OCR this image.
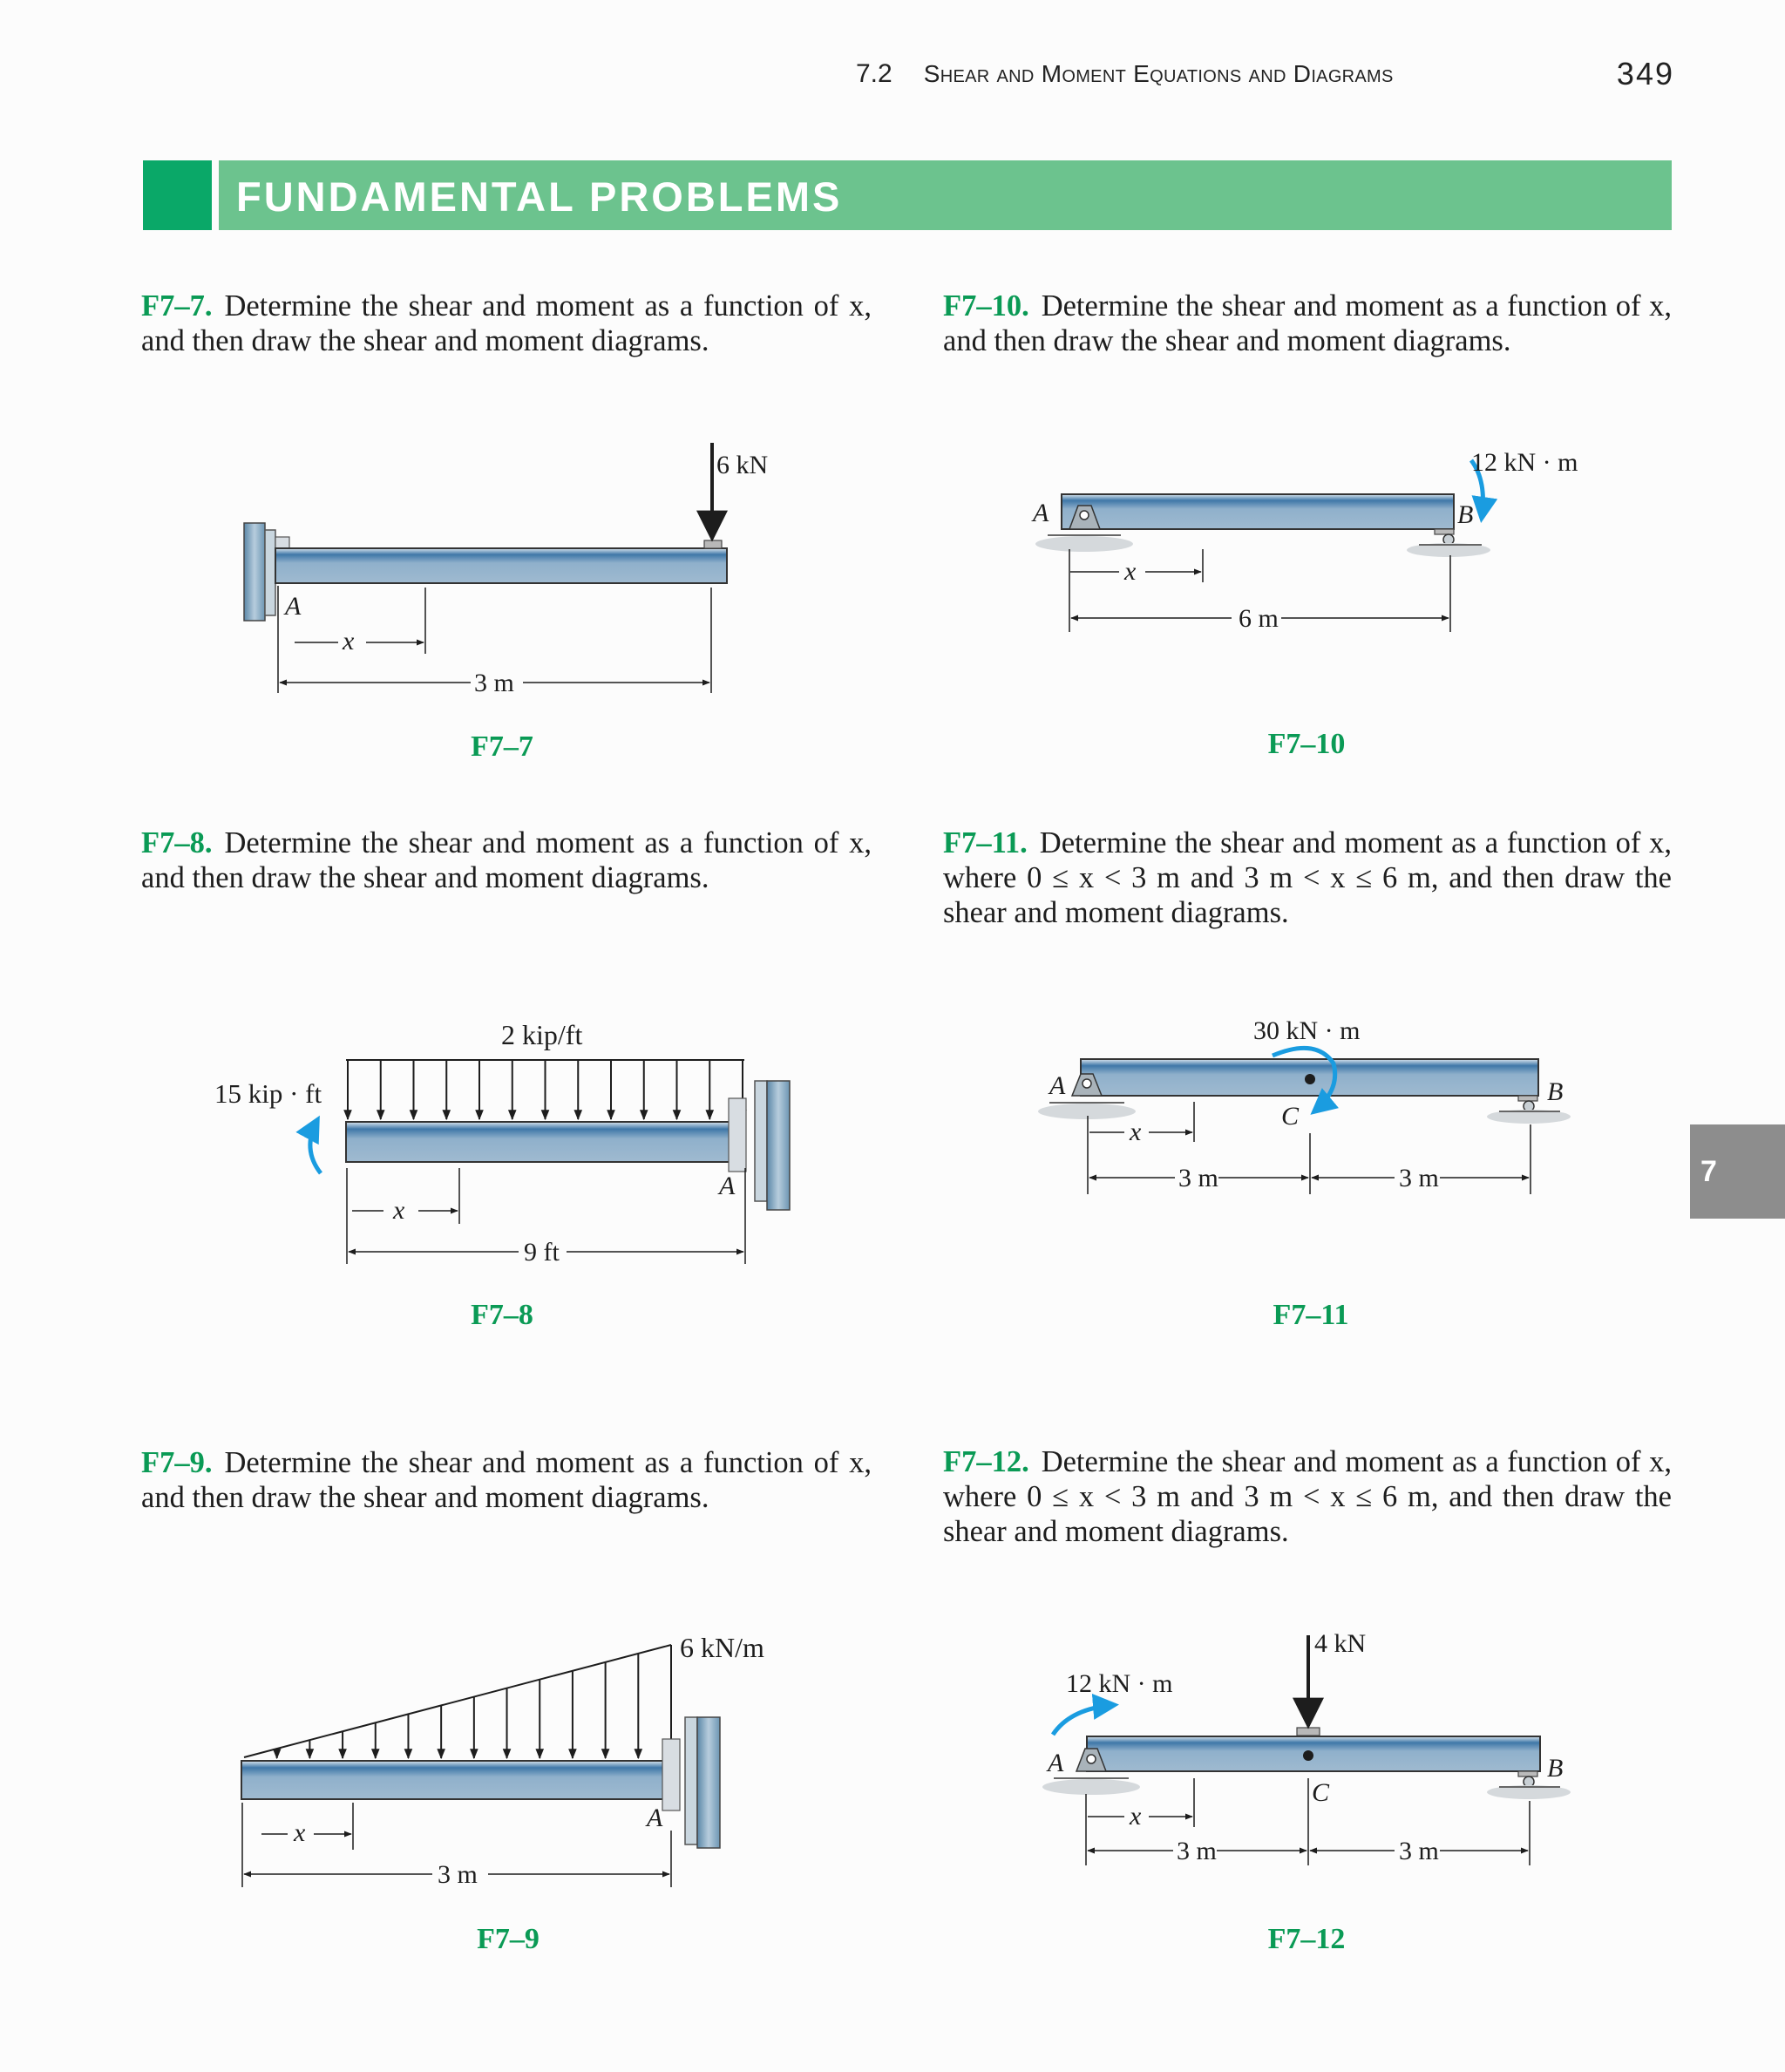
7.2 Shear and Moment Equations and Diagrams	349
FUNDAMENTAL PROBLEMS
7
F7–7. Determine the shear and moment as a function of x, and then draw the shear and moment diagrams.
F7–8. Determine the shear and moment as a function of x, and then draw the shear and moment diagrams.
F7–9. Determine the shear and moment as a function of x, and then draw the shear and moment diagrams.
F7–10. Determine the shear and moment as a function of x, and then draw the shear and moment diagrams.
F7–11. Determine the shear and moment as a function of x, where 0 ≤ x < 3 m and 3 m < x ≤ 6 m, and then draw the shear and moment diagrams.
F7–12. Determine the shear and moment as a function of x, where 0 ≤ x < 3 m and 3 m < x ≤ 6 m, and then draw the shear and moment diagrams.
6 kN
A
x
3 m
2 kip/ft
A
15 kip · ft
x
9 ft
6 kN/m
A
x
3 m
A	B
12 kN · m
x
6 m
A	B
30 kN · m
C
x
3 m	3 m
4 kN
A	B
C
12 kN · m
x
3 m	3 m
F7–7
F7–8
F7–9
F7–10
F7–11
F7–12
